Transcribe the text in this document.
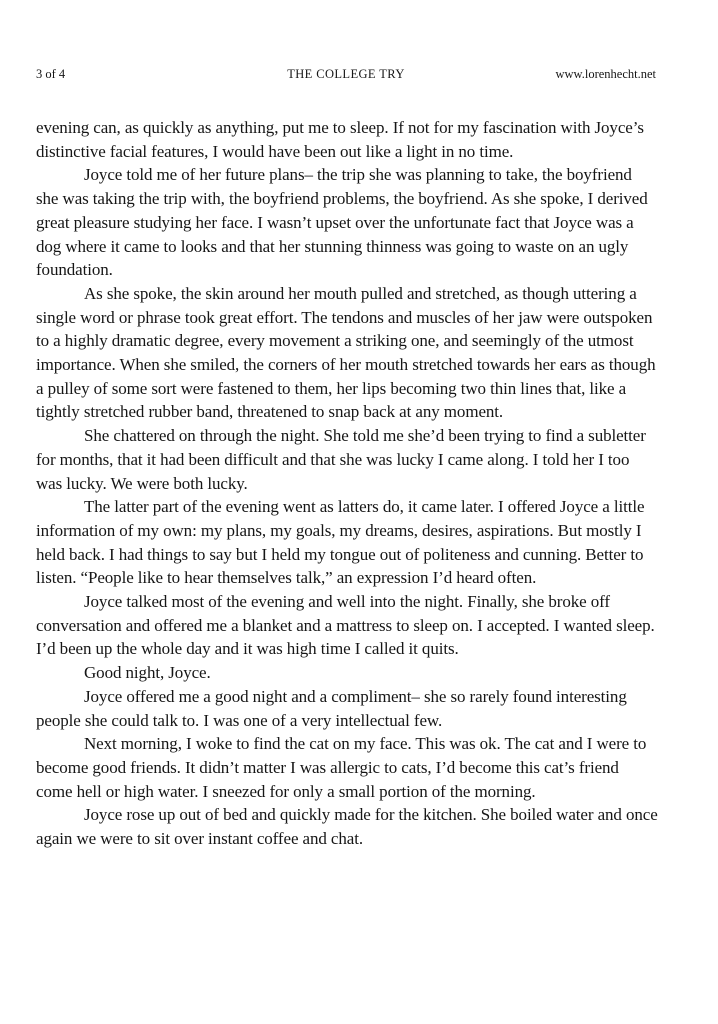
3 of 4	THE COLLEGE TRY	www.lorenhecht.net

evening can, as quickly as anything, put me to sleep. If not for my fascination with Joyce’s distinctive facial features, I would have been out like a light in no time.

Joyce told me of her future plans– the trip she was planning to take, the boyfriend she was taking the trip with, the boyfriend problems, the boyfriend. As she spoke, I derived great pleasure studying her face. I wasn’t upset over the unfortunate fact that Joyce was a dog where it came to looks and that her stunning thinness was going to waste on an ugly foundation.

As she spoke, the skin around her mouth pulled and stretched, as though uttering a single word or phrase took great effort. The tendons and muscles of her jaw were outspoken to a highly dramatic degree, every movement a striking one, and seemingly of the utmost importance. When she smiled, the corners of her mouth stretched towards her ears as though a pulley of some sort were fastened to them, her lips becoming two thin lines that, like a tightly stretched rubber band, threatened to snap back at any moment.

She chattered on through the night. She told me she’d been trying to find a subletter for months, that it had been difficult and that she was lucky I came along. I told her I too was lucky. We were both lucky.

The latter part of the evening went as latters do, it came later. I offered Joyce a little information of my own: my plans, my goals, my dreams, desires, aspirations. But mostly I held back. I had things to say but I held my tongue out of politeness and cunning. Better to listen. “People like to hear themselves talk,” an expression I’d heard often.

Joyce talked most of the evening and well into the night. Finally, she broke off conversation and offered me a blanket and a mattress to sleep on. I accepted. I wanted sleep. I’d been up the whole day and it was high time I called it quits.

Good night, Joyce.

Joyce offered me a good night and a compliment– she so rarely found interesting people she could talk to. I was one of a very intellectual few.

Next morning, I woke to find the cat on my face. This was ok. The cat and I were to become good friends. It didn’t matter I was allergic to cats, I’d become this cat’s friend come hell or high water. I sneezed for only a small portion of the morning.

Joyce rose up out of bed and quickly made for the kitchen. She boiled water and once again we were to sit over instant coffee and chat.
